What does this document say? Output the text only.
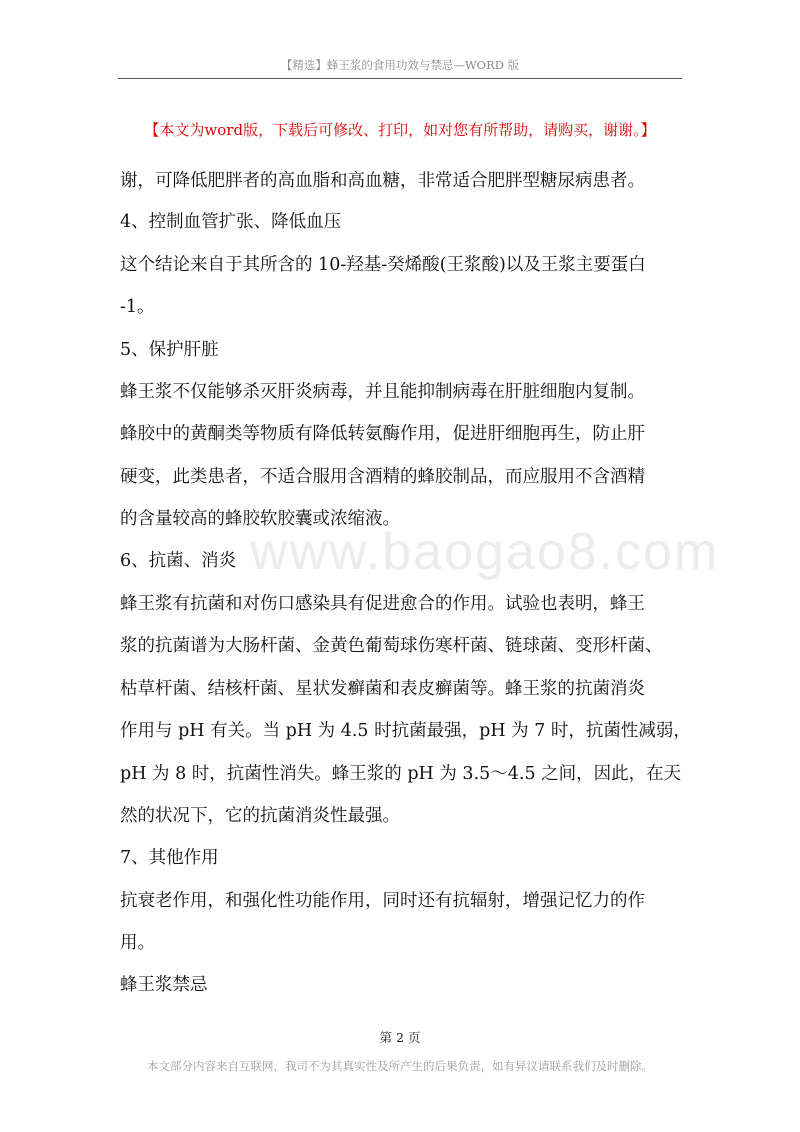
【精选】蜂王浆的食用功效与禁忌—WORD 版
【本文为word版，下载后可修改、打印，如对您有所帮助，请购买，谢谢。】
www.baogao8.com
谢，可降低肥胖者的高血脂和高血糖，非常适合肥胖型糖尿病患者。
4、控制血管扩张、降低血压
这个结论来自于其所含的 10-羟基-癸烯酸(王浆酸)以及王浆主要蛋白
-1。
5、保护肝脏
蜂王浆不仅能够杀灭肝炎病毒，并且能抑制病毒在肝脏细胞内复制。
蜂胶中的黄酮类等物质有降低转氨酶作用，促进肝细胞再生，防止肝
硬变，此类患者，不适合服用含酒精的蜂胶制品，而应服用不含酒精
的含量较高的蜂胶软胶囊或浓缩液。
6、抗菌、消炎
蜂王浆有抗菌和对伤口感染具有促进愈合的作用。试验也表明，蜂王
浆的抗菌谱为大肠杆菌、金黄色葡萄球伤寒杆菌、链球菌、变形杆菌、
枯草杆菌、结核杆菌、星状发癣菌和表皮癣菌等。蜂王浆的抗菌消炎
作用与 pH 有关。当 pH 为 4.5 时抗菌最强，pH 为 7 时，抗菌性减弱，
pH 为 8 时，抗菌性消失。蜂王浆的 pH 为 3.5～4.5 之间，因此，在天
然的状况下，它的抗菌消炎性最强。
7、其他作用
抗衰老作用，和强化性功能作用，同时还有抗辐射，增强记忆力的作
用。
蜂王浆禁忌
第 2 页
本文部分内容来自互联网，我司不为其真实性及所产生的后果负责，如有异议请联系我们及时删除。
